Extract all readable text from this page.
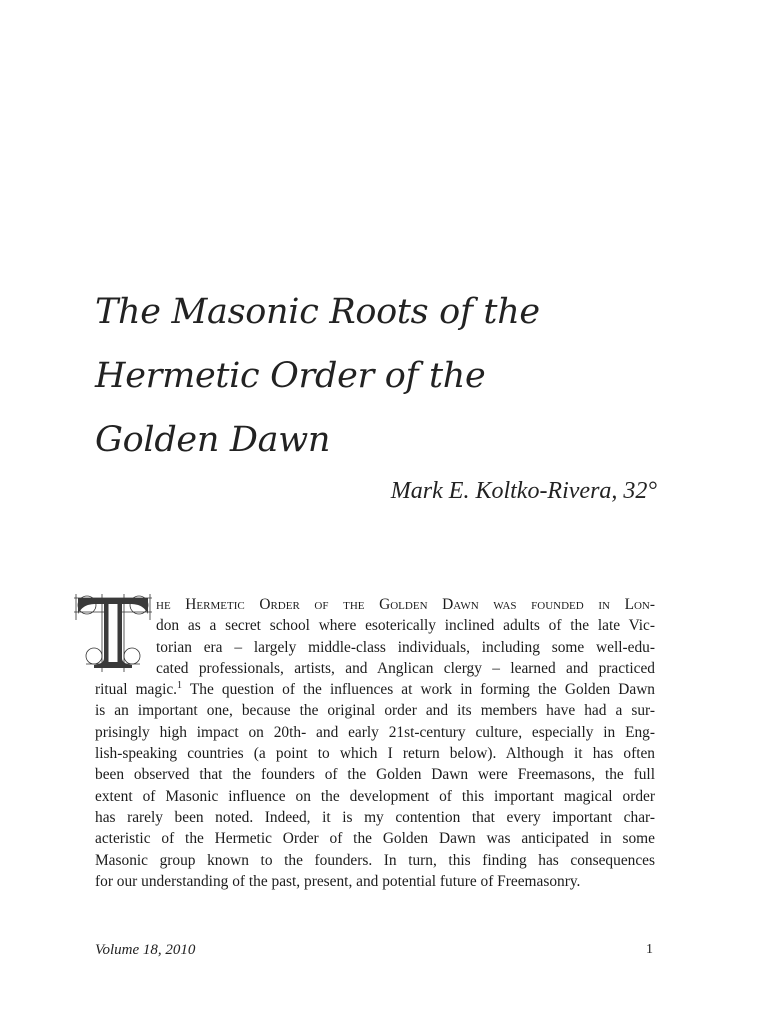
The Masonic Roots of the
Hermetic Order of the
Golden Dawn
Mark E. Koltko-Rivera, 32°
T
he Hermetic Order of the Golden Dawn was founded in Lon-
don as a secret school where esoterically inclined adults of the late Vic-
torian era – largely middle-class individuals, including some well-edu-
cated professionals, artists, and Anglican clergy – learned and practiced
ritual magic.$^1$ The question of the influences at work in forming the Golden Dawn
is an important one, because the original order and its members have had a sur-
prisingly high impact on 20th- and early 21st-century culture, especially in Eng-
lish-speaking countries (a point to which I return below). Although it has often
been observed that the founders of the Golden Dawn were Freemasons, the full
extent of Masonic influence on the development of this important magical order
has rarely been noted. Indeed, it is my contention that every important char-
acteristic of the Hermetic Order of the Golden Dawn was anticipated in some
Masonic group known to the founders. In turn, this finding has consequences
for our understanding of the past, present, and potential future of Freemasonry.
Volume 18, 2010	1
